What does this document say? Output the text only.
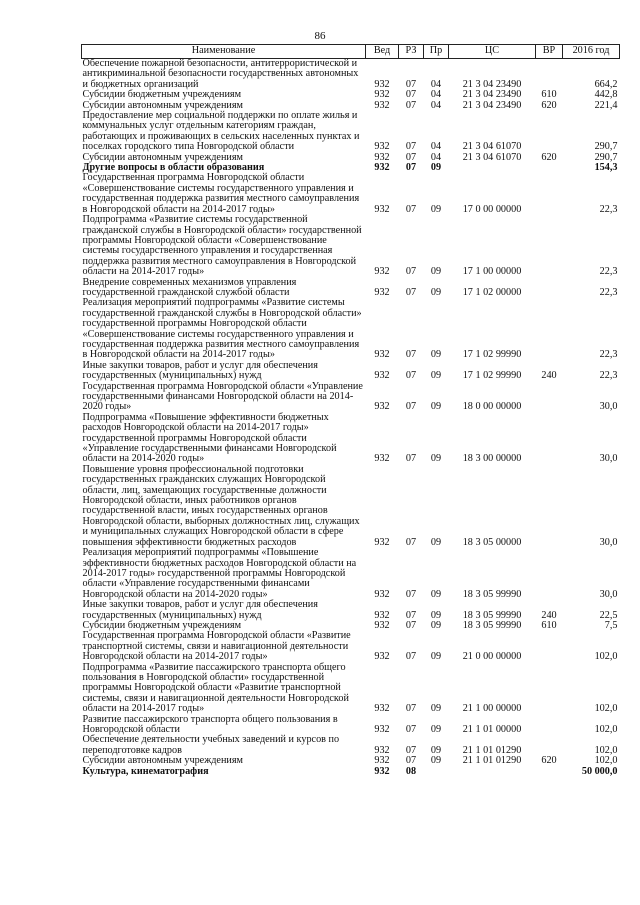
86
Наименование	Вед	РЗ	Пр	ЦС	ВР	2016 год
Обеспечение пожарной безопасности, антитеррористической и антикриминальной безопасности государственных автономных и бюджетных организаций	932	07	04	21 3 04 23490		664,2
Субсидии бюджетным учреждениям	932	07	04	21 3 04 23490	610	442,8
Субсидии автономным учреждениям	932	07	04	21 3 04 23490	620	221,4
Предоставление мер социальной поддержки по оплате жилья и коммунальных услуг отдельным категориям граждан, работающих и проживающих в сельских населенных пунктах и поселках городского типа Новгородской области	932	07	04	21 3 04 61070		290,7
Субсидии автономным учреждениям	932	07	04	21 3 04 61070	620	290,7
Другие вопросы в области образования	932	07	09			154,3
Государственная программа Новгородской области «Совершенствование системы государственного управления и государственная поддержка развития местного самоуправления в Новгородской области на 2014-2017 годы»	932	07	09	17 0 00 00000		22,3
Подпрограмма «Развитие системы государственной гражданской службы в Новгородской области» государственной программы Новгородской области «Совершенствование системы государственного управления и государственная поддержка развития местного самоуправления в Новгородской области на 2014-2017 годы»	932	07	09	17 1 00 00000		22,3
Внедрение современных механизмов управления государственной гражданской службой области	932	07	09	17 1 02 00000		22,3
Реализация мероприятий подпрограммы «Развитие системы государственной гражданской службы в Новгородской области» государственной программы Новгородской области «Совершенствование системы государственного управления и государственная поддержка развития местного самоуправления в Новгородской области на 2014-2017 годы»	932	07	09	17 1 02 99990		22,3
Иные закупки товаров, работ и услуг для обеспечения государственных (муниципальных) нужд	932	07	09	17 1 02 99990	240	22,3
Государственная программа Новгородской области «Управление государственными финансами Новгородской области на 2014-2020 годы»	932	07	09	18 0 00 00000		30,0
Подпрограмма «Повышение эффективности бюджетных расходов Новгородской области на 2014-2017 годы» государственной программы Новгородской области «Управление государственными финансами Новгородской области на 2014-2020 годы»	932	07	09	18 3 00 00000		30,0
Повышение уровня профессиональной подготовки государственных гражданских служащих Новгородской области, лиц, замещающих государственные должности Новгородской области, иных работников органов государственной власти, иных государственных органов Новгородской области, выборных должностных лиц, служащих и муниципальных служащих Новгородской области в сфере повышения эффективности бюджетных расходов	932	07	09	18 3 05 00000		30,0
Реализация мероприятий подпрограммы «Повышение эффективности бюджетных расходов Новгородской области на 2014-2017 годы» государственной программы Новгородской области «Управление государственными финансами Новгородской области на 2014-2020 годы»	932	07	09	18 3 05 99990		30,0
Иные закупки товаров, работ и услуг для обеспечения государственных (муниципальных) нужд	932	07	09	18 3 05 99990	240	22,5
Субсидии бюджетным учреждениям	932	07	09	18 3 05 99990	610	7,5
Государственная программа Новгородской области «Развитие транспортной системы, связи и навигационной деятельности Новгородской области на 2014-2017 годы»	932	07	09	21 0 00 00000		102,0
Подпрограмма «Развитие пассажирского транспорта общего пользования в Новгородской области» государственной программы Новгородской области «Развитие транспортной системы, связи и навигационной деятельности Новгородской области на 2014-2017 годы»	932	07	09	21 1 00 00000		102,0
Развитие пассажирского транспорта общего пользования в Новгородской области	932	07	09	21 1 01 00000		102,0
Обеспечение деятельности учебных заведений и курсов по переподготовке кадров	932	07	09	21 1 01 01290		102,0
Субсидии автономным учреждениям	932	07	09	21 1 01 01290	620	102,0
Культура, кинематография	932	08				50 000,0
